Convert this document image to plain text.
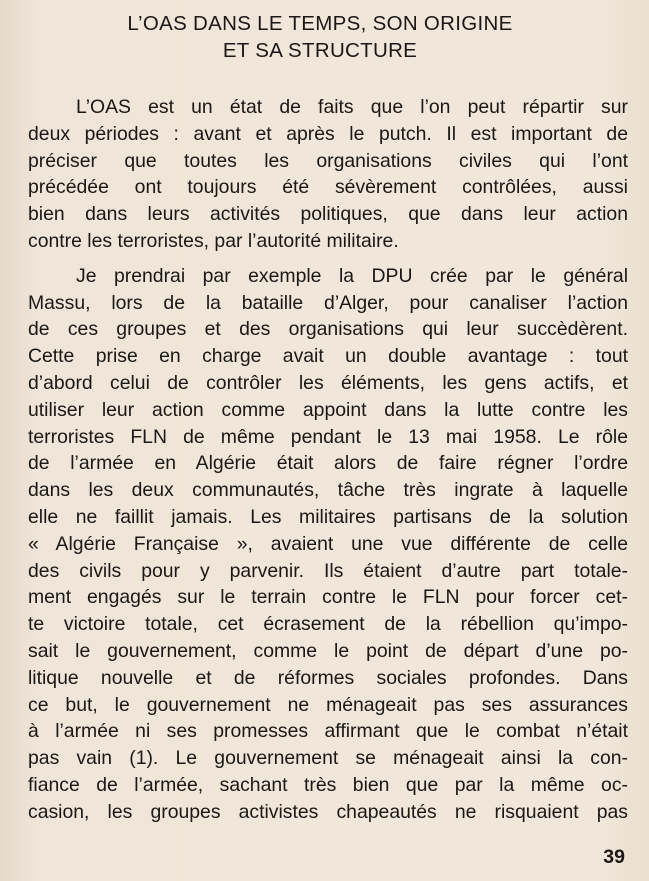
L’OAS DANS LE TEMPS, SON ORIGINE
ET SA STRUCTURE
L’OAS est un état de faits que l’on peut répartir sur
deux périodes : avant et après le putch. Il est important de
préciser que toutes les organisations civiles qui l’ont
précédée ont toujours été sévèrement contrôlées, aussi
bien dans leurs activités politiques, que dans leur action
contre les terroristes, par l’autorité militaire.
Je prendrai par exemple la DPU crée par le général
Massu, lors de la bataille d’Alger, pour canaliser l’action
de ces groupes et des organisations qui leur succèdèrent.
Cette prise en charge avait un double avantage : tout
d’abord celui de contrôler les éléments, les gens actifs, et
utiliser leur action comme appoint dans la lutte contre les
terroristes FLN de même pendant le 13 mai 1958. Le rôle
de l’armée en Algérie était alors de faire régner l’ordre
dans les deux communautés, tâche très ingrate à laquelle
elle ne faillit jamais. Les militaires partisans de la solution
« Algérie Française », avaient une vue différente de celle
des civils pour y parvenir. Ils étaient d’autre part totale-
ment engagés sur le terrain contre le FLN pour forcer cet-
te victoire totale, cet écrasement de la rébellion qu’impo-
sait le gouvernement, comme le point de départ d’une po-
litique nouvelle et de réformes sociales profondes. Dans
ce but, le gouvernement ne ménageait pas ses assurances
à l’armée ni ses promesses affirmant que le combat n’était
pas vain (1). Le gouvernement se ménageait ainsi la con-
fiance de l’armée, sachant très bien que par la même oc-
casion, les groupes activistes chapeautés ne risquaient pas
39
